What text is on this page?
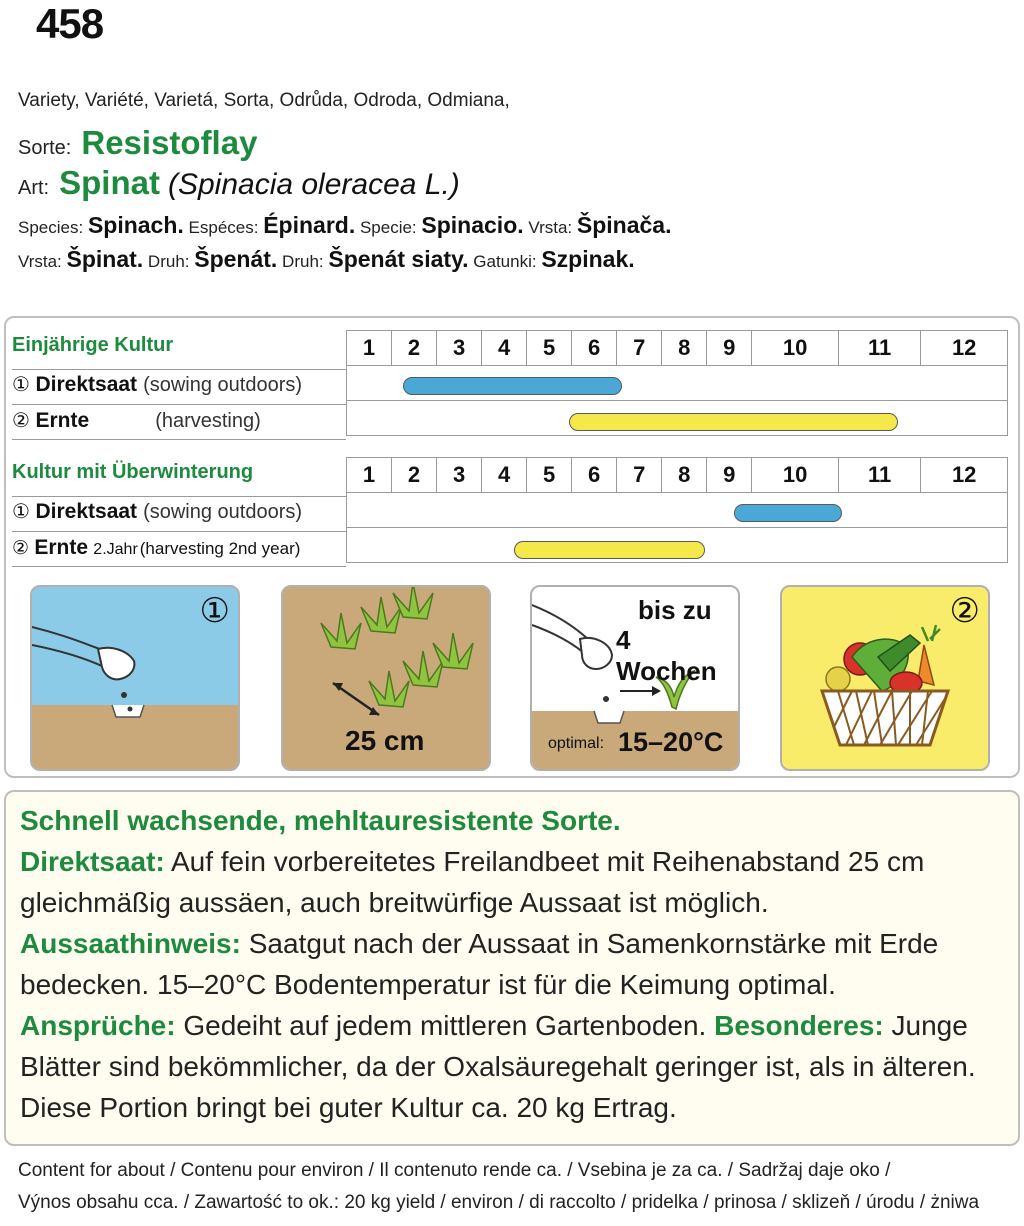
458
Variety, Variété, Varietá, Sorta, Odrůda, Odroda, Odmiana,
Sorte: Resistoflay
Art: Spinat (Spinacia oleracea L.)
Species: Spinach. Espéces: Épinard. Specie: Spinacio. Vrsta: Špinača.
Vrsta: Špinat. Druh: Špenát. Druh: Špenát siaty. Gatunki: Szpinak.
Einjährige Kultur	1	2	3	4	5	6	7	8	9	10	11	12

① Direktsaat (sowing outdoors)
② Ernte	(harvesting)
Kultur mit Überwinterung	1	2	3	4	5	6	7	8	9	10	11	12

① Direktsaat (sowing outdoors)
② Ernte 2.Jahr (harvesting 2nd year)
①
25 cm
bis zu
4 Wochen
optimal: 15–20°C
②

Schnell wachsende, mehltauresistente Sorte.

Direktsaat: Auf fein vorbereitetes Freilandbeet mit Reihenabstand 25 cm gleichmäßig aussäen, auch breitwürfige Aussaat ist möglich.

Aussaathinweis: Saatgut nach der Aussaat in Samenkornstärke mit Erde bedecken. 15–20°C Bodentemperatur ist für die Keimung optimal.

Ansprüche: Gedeiht auf jedem mittleren Gartenboden. Besonderes: Junge Blätter sind bekömmlicher, da der Oxalsäuregehalt geringer ist, als in älteren.

Diese Portion bringt bei guter Kultur ca. 20 kg Ertrag.

Content for about / Contenu pour environ / Il contenuto rende ca. / Vsebina je za ca. / Sadržaj daje oko /
Výnos obsahu cca. / Zawartość to ok.: 20 kg yield / environ / di raccolto / pridelka / prinosa / sklizeň / úrodu / żniwa
